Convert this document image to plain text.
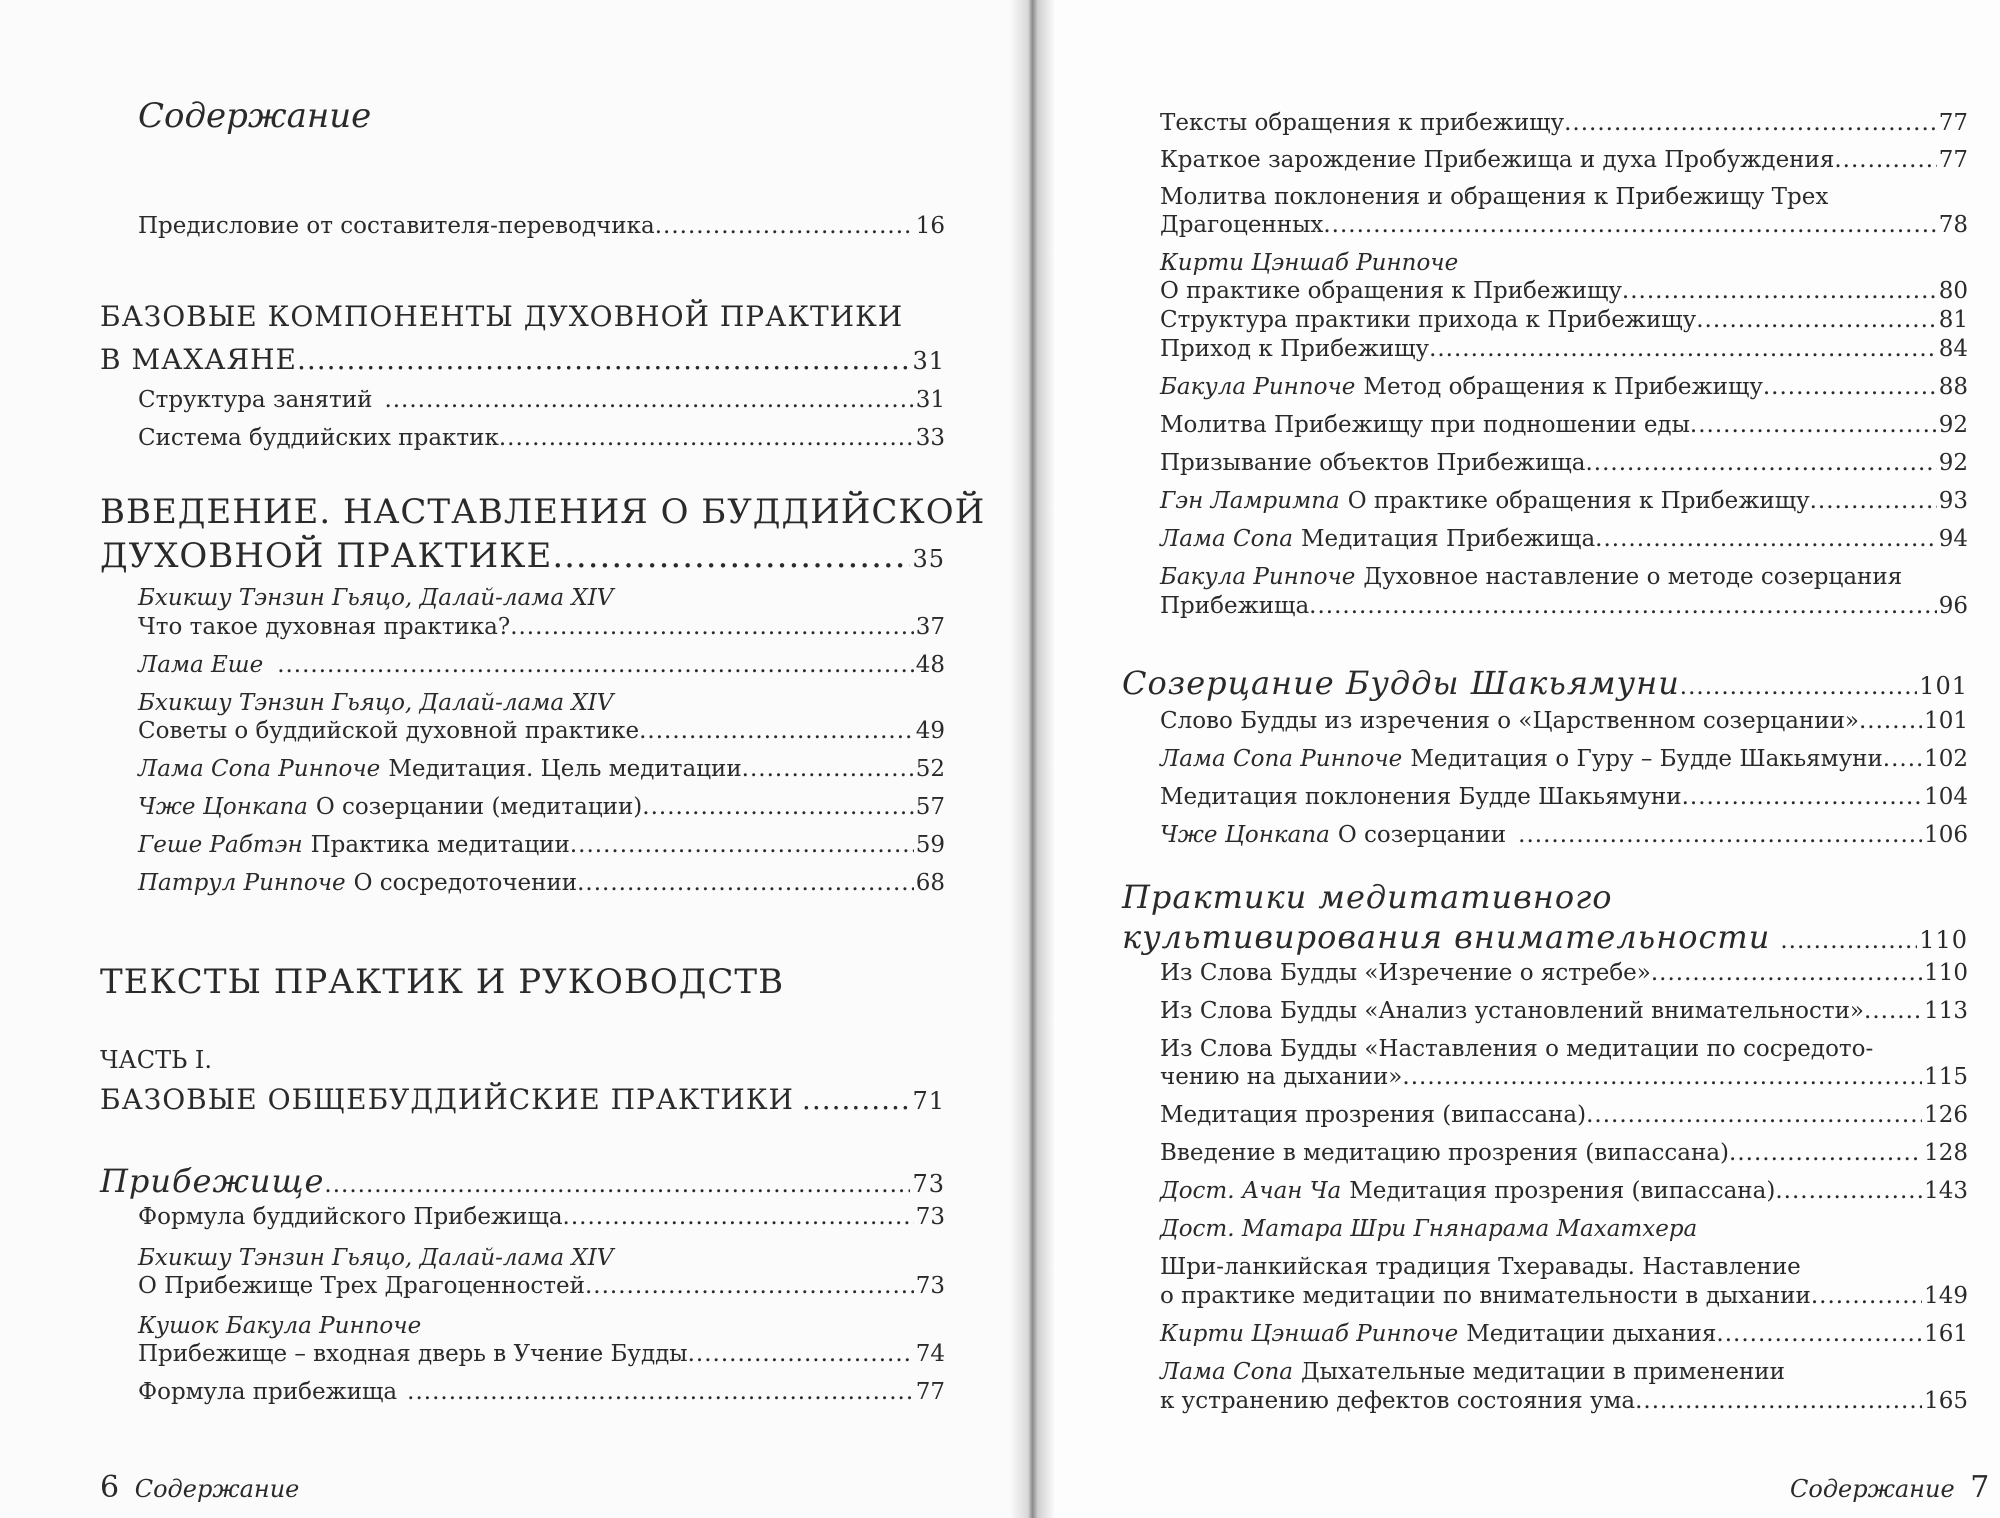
Содержание
Предисловие от составителя-переводчика .....	16
БАЗОВЫЕ КОМПОНЕНТЫ ДУХОВНОЙ ПРАКТИКИ
В МАХАЯНЕ .....	31
Структура занятий .....	31
Система буддийских практик .....	33
ВВЕДЕНИЕ. НАСТАВЛЕНИЯ О БУДДИЙСКОЙ
ДУХОВНОЙ ПРАКТИКЕ .....	35
Бхикшу Тэнзин Гьяцо, Далай-лама XIV
Что такое духовная практика? .....	37
Лама Еше .....	48
Бхикшу Тэнзин Гьяцо, Далай-лама XIV
Советы о буддийской духовной практике .....	49
Лама Сопа Ринпоче Медитация. Цель медитации .....	52
Чже Цонкапа О созерцании (медитации) .....	57
Геше Рабтэн Практика медитации .....	59
Патрул Ринпоче О сосредоточении .....	68
ТЕКСТЫ ПРАКТИК И РУКОВОДСТВ
ЧАСТЬ I.
БАЗОВЫЕ ОБЩЕБУДДИЙСКИЕ ПРАКТИКИ .....	71
Прибежище .....	73
Формула буддийского Прибежища .....	73
Бхикшу Тэнзин Гьяцо, Далай-лама XIV
О Прибежище Трех Драгоценностей .....	73
Кушок Бакула Ринпоче
Прибежище – входная дверь в Учение Будды .....	74
Формула прибежища .....	77
6 Содержание
Тексты обращения к прибежищу .....	77
Краткое зарождение Прибежища и духа Пробуждения .....	77
Молитва поклонения и обращения к Прибежищу Трех
Драгоценных .....	78
Кирти Цэншаб Ринпоче
О практике обращения к Прибежищу .....	80
Структура практики прихода к Прибежищу .....	81
Приход к Прибежищу .....	84
Бакула Ринпоче Метод обращения к Прибежищу .....	88
Молитва Прибежищу при подношении еды .....	92
Призывание объектов Прибежища .....	92
Гэн Ламримпа О практике обращения к Прибежищу .....	93
Лама Сопа Медитация Прибежища .....	94
Бакула Ринпоче Духовное наставление о методе созерцания
Прибежища .....	96
Созерцание Будды Шакьямуни .....	101
Слово Будды из изречения о «Царственном созерцании» .....	101
Лама Сопа Ринпоче Медитация о Гуру – Будде Шакьямуни ..... 102
Медитация поклонения Будде Шакьямуни .....	104
Чже Цонкапа О созерцании .....	106
Практики медитативного
культивирования внимательности .....	110
Из Слова Будды «Изречение о ястребе» .....	110
Из Слова Будды «Анализ установлений внимательности» .....	113
Из Слова Будды «Наставления о медитации по сосредото-
чению на дыхании» .....	115
Медитация прозрения (випассана) .....	126
Введение в медитацию прозрения (випассана) .....	128
Дост. Ачан Ча Медитация прозрения (випассана) .....	143
Дост. Матара Шри Гнянарама Махатхера
Шри-ланкийская традиция Тхеравады. Наставление
о практике медитации по внимательности в дыхании .....	149
Кирти Цэншаб Ринпоче Медитации дыхания .....	161
Лама Сопа Дыхательные медитации в применении
к устранению дефектов состояния ума .....	165
Содержание 7
